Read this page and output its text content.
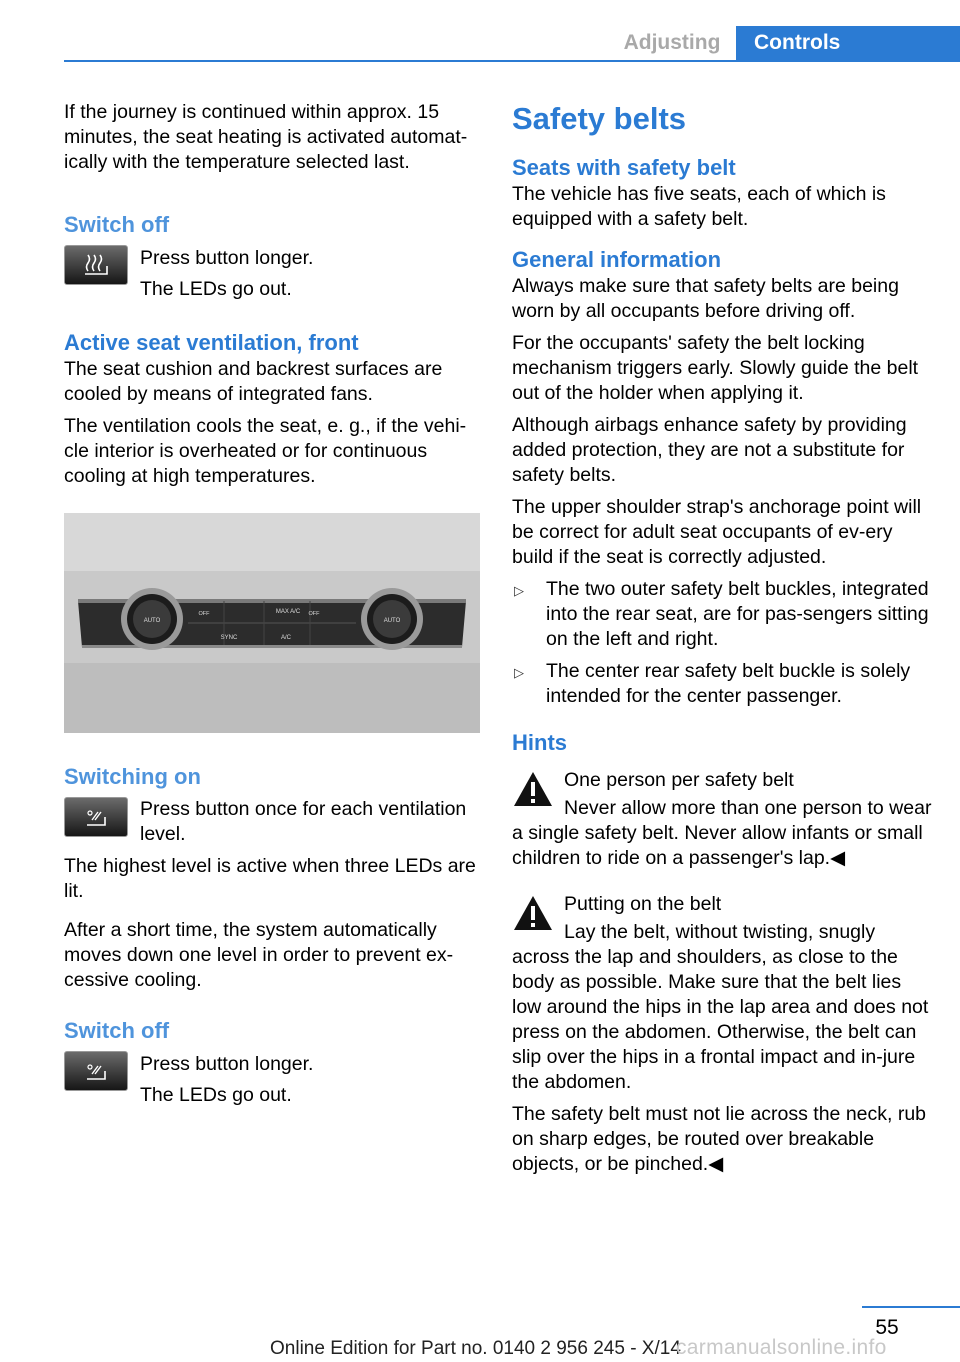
Adjusting	Controls

If the journey is continued within approx. 15 minutes, the seat heating is activated automat‐ically with the temperature selected last.

Switch off

Press button longer.

The LEDs go out.

Active seat ventilation, front

The seat cushion and backrest surfaces are cooled by means of integrated fans.

The ventilation cools the seat, e. g., if the vehi‐cle interior is overheated or for continuous cooling at high temperatures.

AUTO	AUTO
OFF	OFF
MAX A/C
SYNC	A/C
Switching on

Press button once for each ventilation level.

The highest level is active when three LEDs are lit.

After a short time, the system automatically moves down one level in order to prevent ex‐cessive cooling.

Switch off

Press button longer.

The LEDs go out.

Safety belts
Seats with safety belt

The vehicle has five seats, each of which is equipped with a safety belt.

General information

Always make sure that safety belts are being worn by all occupants before driving off.

For the occupants' safety the belt locking mechanism triggers early. Slowly guide the belt out of the holder when applying it.

Although airbags enhance safety by providing added protection, they are not a substitute for safety belts.

The upper shoulder strap's anchorage point will be correct for adult seat occupants of ev‐ery build if the seat is correctly adjusted.

▷ The two outer safety belt buckles, integrated into the rear seat, are for pas‐sengers sitting on the left and right.
▷ The center rear safety belt buckle is solely intended for the center passenger.
Hints

One person per safety belt

Never allow more than one person to wear a single safety belt. Never allow infants or small children to ride on a passenger's lap.◀

Putting on the belt

Lay the belt, without twisting, snugly across the lap and shoulders, as close to the body as possible. Make sure that the belt lies low around the hips in the lap area and does not press on the abdomen. Otherwise, the belt can slip over the hips in a frontal impact and in‐jure the abdomen.

The safety belt must not lie across the neck, rub on sharp edges, be routed over breakable objects, or be pinched.◀

55
Online Edition for Part no. 0140 2 956 245 - X/14
carmanualsonline.info
